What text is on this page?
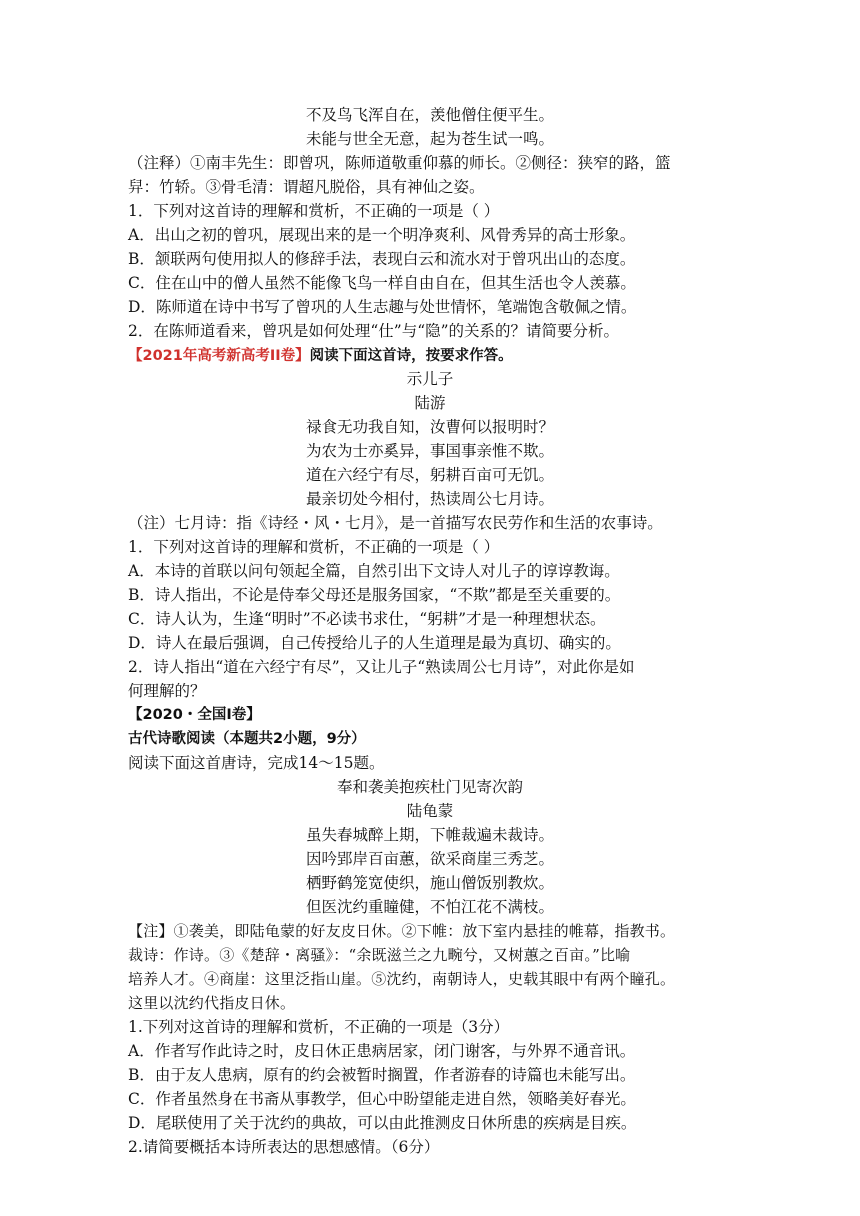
不及鸟飞浑自在，羡他僧住便平生。
未能与世全无意，起为苍生试一鸣。
（注释）①南丰先生：即曾巩，陈师道敬重仰慕的师长。②侧径：狭窄的路，篮
舁：竹轿。③骨毛清：谓超凡脱俗，具有神仙之姿。
1．下列对这首诗的理解和赏析，不正确的一项是（ ）
A．出山之初的曾巩，展现出来的是一个明净爽利、风骨秀异的高士形象。
B．颔联两句使用拟人的修辞手法，表现白云和流水对于曾巩出山的态度。
C．住在山中的僧人虽然不能像飞鸟一样自由自在，但其生活也令人羡慕。
D．陈师道在诗中书写了曾巩的人生志趣与处世情怀，笔端饱含敬佩之情。
2．在陈师道看来，曾巩是如何处理“仕”与“隐”的关系的？请简要分析。
【2021年高考新高考II卷】阅读下面这首诗，按要求作答。
示儿子
陆游
禄食无功我自知，汝曹何以报明时？
为农为士亦奚异，事国事亲惟不欺。
道在六经宁有尽，躬耕百亩可无饥。
最亲切处今相付，热读周公七月诗。
（注）七月诗：指《诗经・风・七月》，是一首描写农民劳作和生活的农事诗。
1．下列对这首诗的理解和赏析，不正确的一项是（ ）
A．本诗的首联以问句领起全篇，自然引出下文诗人对儿子的谆谆教诲。
B．诗人指出，不论是侍奉父母还是服务国家，“不欺”都是至关重要的。
C．诗人认为，生逢“明时”不必读书求仕，“躬耕”才是一种理想状态。
D．诗人在最后强调，自己传授给儿子的人生道理是最为真切、确实的。
2．诗人指出“道在六经宁有尽”，又让儿子“熟读周公七月诗”，对此你是如
何理解的？
【2020・全国Ⅰ卷】
古代诗歌阅读（本题共2小题，9分）
阅读下面这首唐诗，完成14～15题。
奉和袭美抱疾杜门见寄次韵
陆龟蒙
虽失春城醉上期，下帷裁遍未裁诗。
因吟郢岸百亩蕙，欲采商崖三秀芝。
栖野鹤笼宽使织，施山僧饭别教炊。
但医沈约重瞳健，不怕江花不满枝。
【注】①袭美，即陆龟蒙的好友皮日休。②下帷：放下室内悬挂的帷幕，指教书。
裁诗：作诗。③《楚辞・离骚》：“余既滋兰之九畹兮，又树蕙之百亩。”比喻
培养人才。④商崖：这里泛指山崖。⑤沈约，南朝诗人，史载其眼中有两个瞳孔。
这里以沈约代指皮日休。
1.下列对这首诗的理解和赏析，不正确的一项是（3分）
A．作者写作此诗之时，皮日休正患病居家，闭门谢客，与外界不通音讯。
B．由于友人患病，原有的约会被暂时搁置，作者游春的诗篇也未能写出。
C．作者虽然身在书斋从事教学，但心中盼望能走进自然，领略美好春光。
D．尾联使用了关于沈约的典故，可以由此推测皮日休所患的疾病是目疾。
2.请简要概括本诗所表达的思想感情。（6分）
